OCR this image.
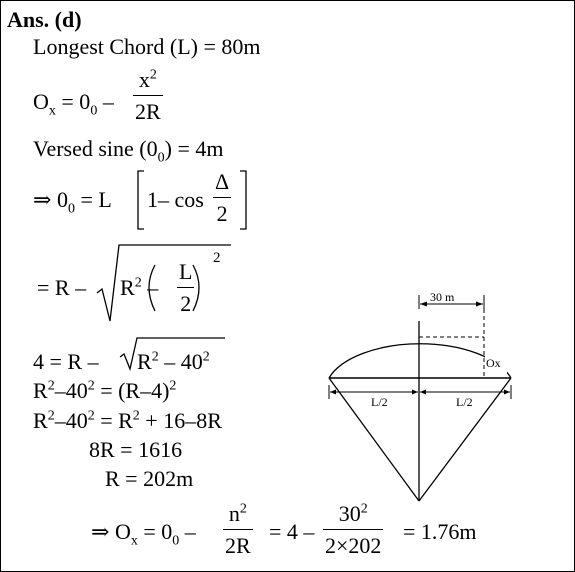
Ans. (d)
Longest Chord (L) = 80m
$O_x = 0_0$ –
$x^2$
2R
Versed sine $(0_0) = 4m$
⇒ $0_0 = L$ 1– cos
Δ
2
= R – $R^2$ –
L
2
2
$4 = R - R^2 - 40^2$
$R^2-40^2 = (R-4)^2$
$R^2-40^2 = R^2 + 16-8R$
8R = 1616
R = 202m
⇒ $O_x = 0_0$ –
$n^2$
2R
= 4 –
$30^2$
2×202
= 1.76m
30 m
Ox
L/2	L/2
